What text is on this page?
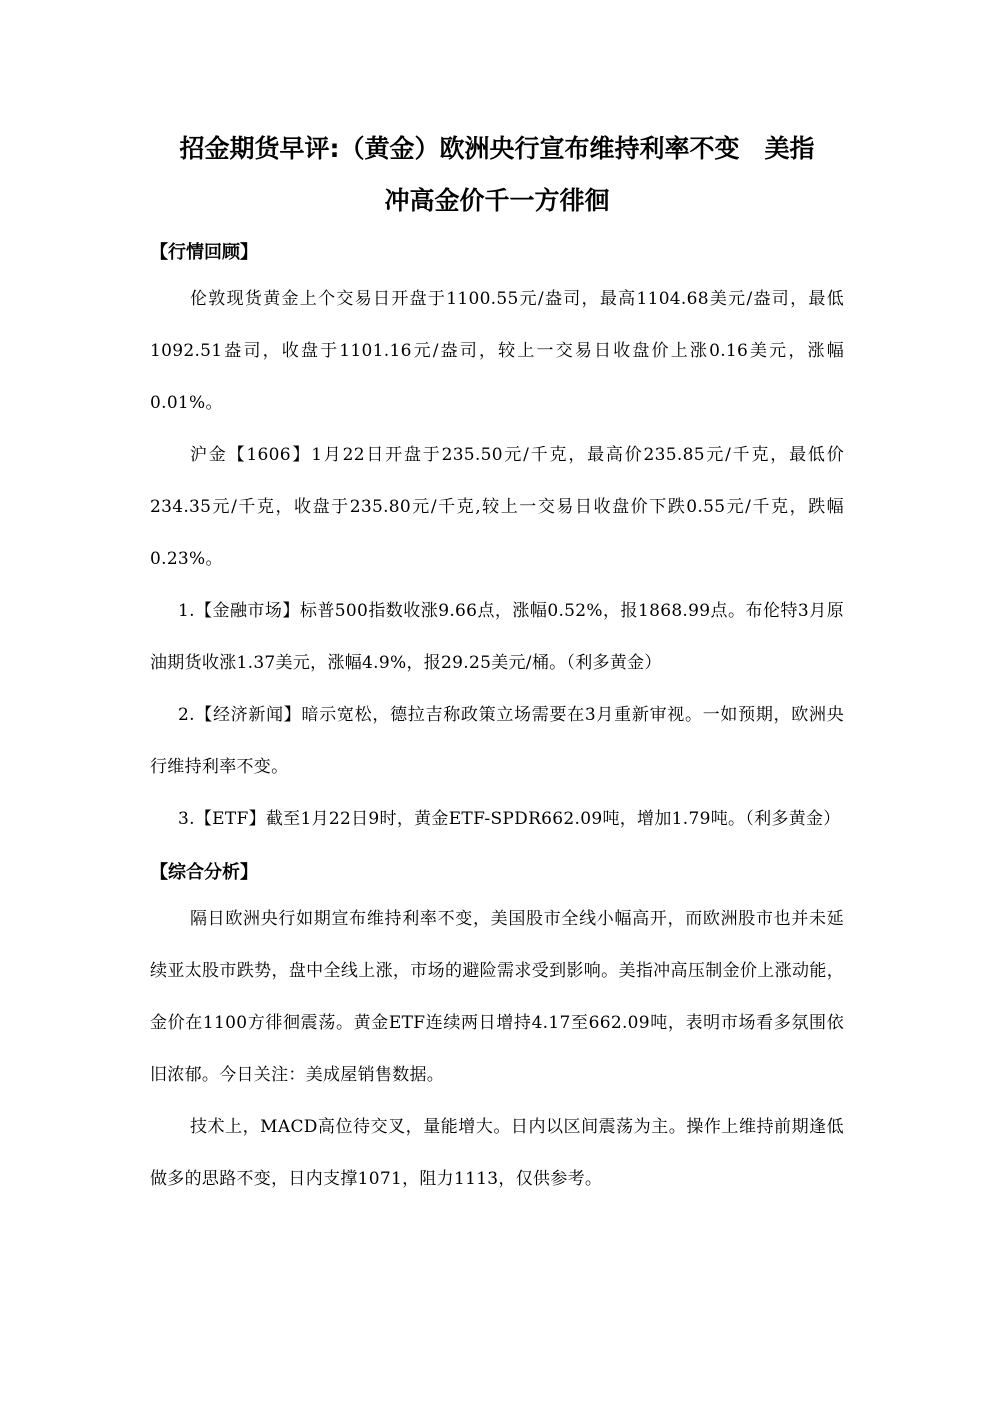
招金期货早评:（黄金）欧洲央行宣布维持利率不变　美指
冲高金价千一方徘徊
【行情回顾】

伦敦现货黄金上个交易日开盘于1100.55元/盎司，最高1104.68美元/盎司，最低1092.51盎司，收盘于1101.16元/盎司，较上一交易日收盘价上涨0.16美元，涨幅0.01%。

沪金【1606】1月22日开盘于235.50元/千克，最高价235.85元/千克，最低价234.35元/千克，收盘于235.80元/千克,较上一交易日收盘价下跌0.55元/千克，跌幅0.23%。

1.【金融市场】标普500指数收涨9.66点，涨幅0.52%，报1868.99点。布伦特3月原油期货收涨1.37美元，涨幅4.9%，报29.25美元/桶。（利多黄金）

2.【经济新闻】暗示宽松，德拉吉称政策立场需要在3月重新审视。一如预期，欧洲央行维持利率不变。

3.【ETF】截至1月22日9时，黄金ETF-SPDR662.09吨，增加1.79吨。（利多黄金）

【综合分析】

隔日欧洲央行如期宣布维持利率不变，美国股市全线小幅高开，而欧洲股市也并未延续亚太股市跌势，盘中全线上涨，市场的避险需求受到影响。美指冲高压制金价上涨动能，金价在1100方徘徊震荡。黄金ETF连续两日增持4.17至662.09吨，表明市场看多氛围依旧浓郁。今日关注：美成屋销售数据。

技术上，MACD高位待交叉，量能增大。日内以区间震荡为主。操作上维持前期逢低做多的思路不变，日内支撑1071，阻力1113，仅供参考。
